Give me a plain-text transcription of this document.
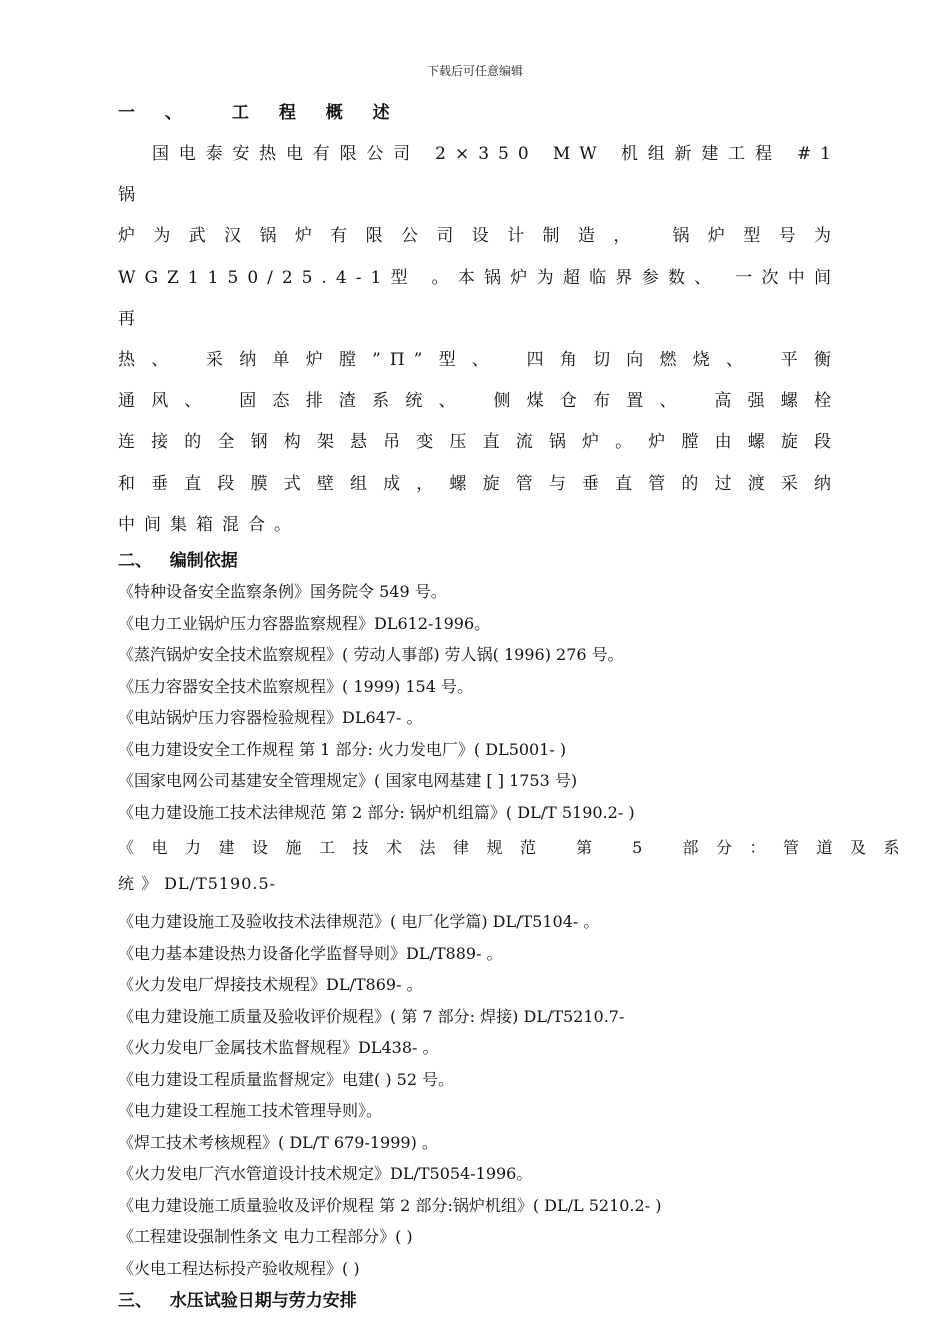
下载后可任意编辑
一 、 工 程 概 述

国电泰安热电有限公司 2×350 MW 机组新建工程 #1 锅
炉为武汉锅炉有限公司设计制造， 锅炉型号为
WGZ1150/25.4-1型 。本锅炉为超临界参数、 一次中间再
热、 采纳单炉膛”Π”型、 四角切向燃烧、 平衡
通风、 固态排渣系统、 侧煤仓布置、 高强螺栓
连接的全钢构架悬吊变压直流锅炉。炉膛由螺旋段
和垂直段膜式壁组成，螺旋管与垂直管的过渡采纳
中间集箱混合。

二、 编制依据
《特种设备安全监察条例》国务院令 549 号。
《电力工业锅炉压力容器监察规程》DL612-1996。
《蒸汽锅炉安全技术监察规程》( 劳动人事部) 劳人锅( 1996) 276 号。
《压力容器安全技术监察规程》( 1999) 154 号。
《电站锅炉压力容器检验规程》DL647- 。
《电力建设安全工作规程 第 1 部分: 火力发电厂》( DL5001- )
《国家电网公司基建安全管理规定》( 国家电网基建 [ ] 1753 号)
《电力建设施工技术法律规范 第 2 部分: 锅炉机组篇》( DL/T 5190.2- )
《电力建设施工技术法律规范 第 5 部分：管道及系
统 》 DL/T5190.5-
《电力建设施工及验收技术法律规范》( 电厂化学篇) DL/T5104- 。
《电力基本建设热力设备化学监督导则》DL/T889- 。
《火力发电厂焊接技术规程》DL/T869- 。
《电力建设施工质量及验收评价规程》( 第 7 部分: 焊接) DL/T5210.7-
《火力发电厂金属技术监督规程》DL438- 。
《电力建设工程质量监督规定》电建( ) 52 号。
《电力建设工程施工技术管理导则》。
《焊工技术考核规程》( DL/T 679-1999) 。
《火力发电厂汽水管道设计技术规定》DL/T5054-1996。
《电力建设施工质量验收及评价规程 第 2 部分:锅炉机组》( DL/L 5210.2- )
《工程建设强制性条文 电力工程部分》( )
《火电工程达标投产验收规程》( )
三、 水压试验日期与劳力安排
